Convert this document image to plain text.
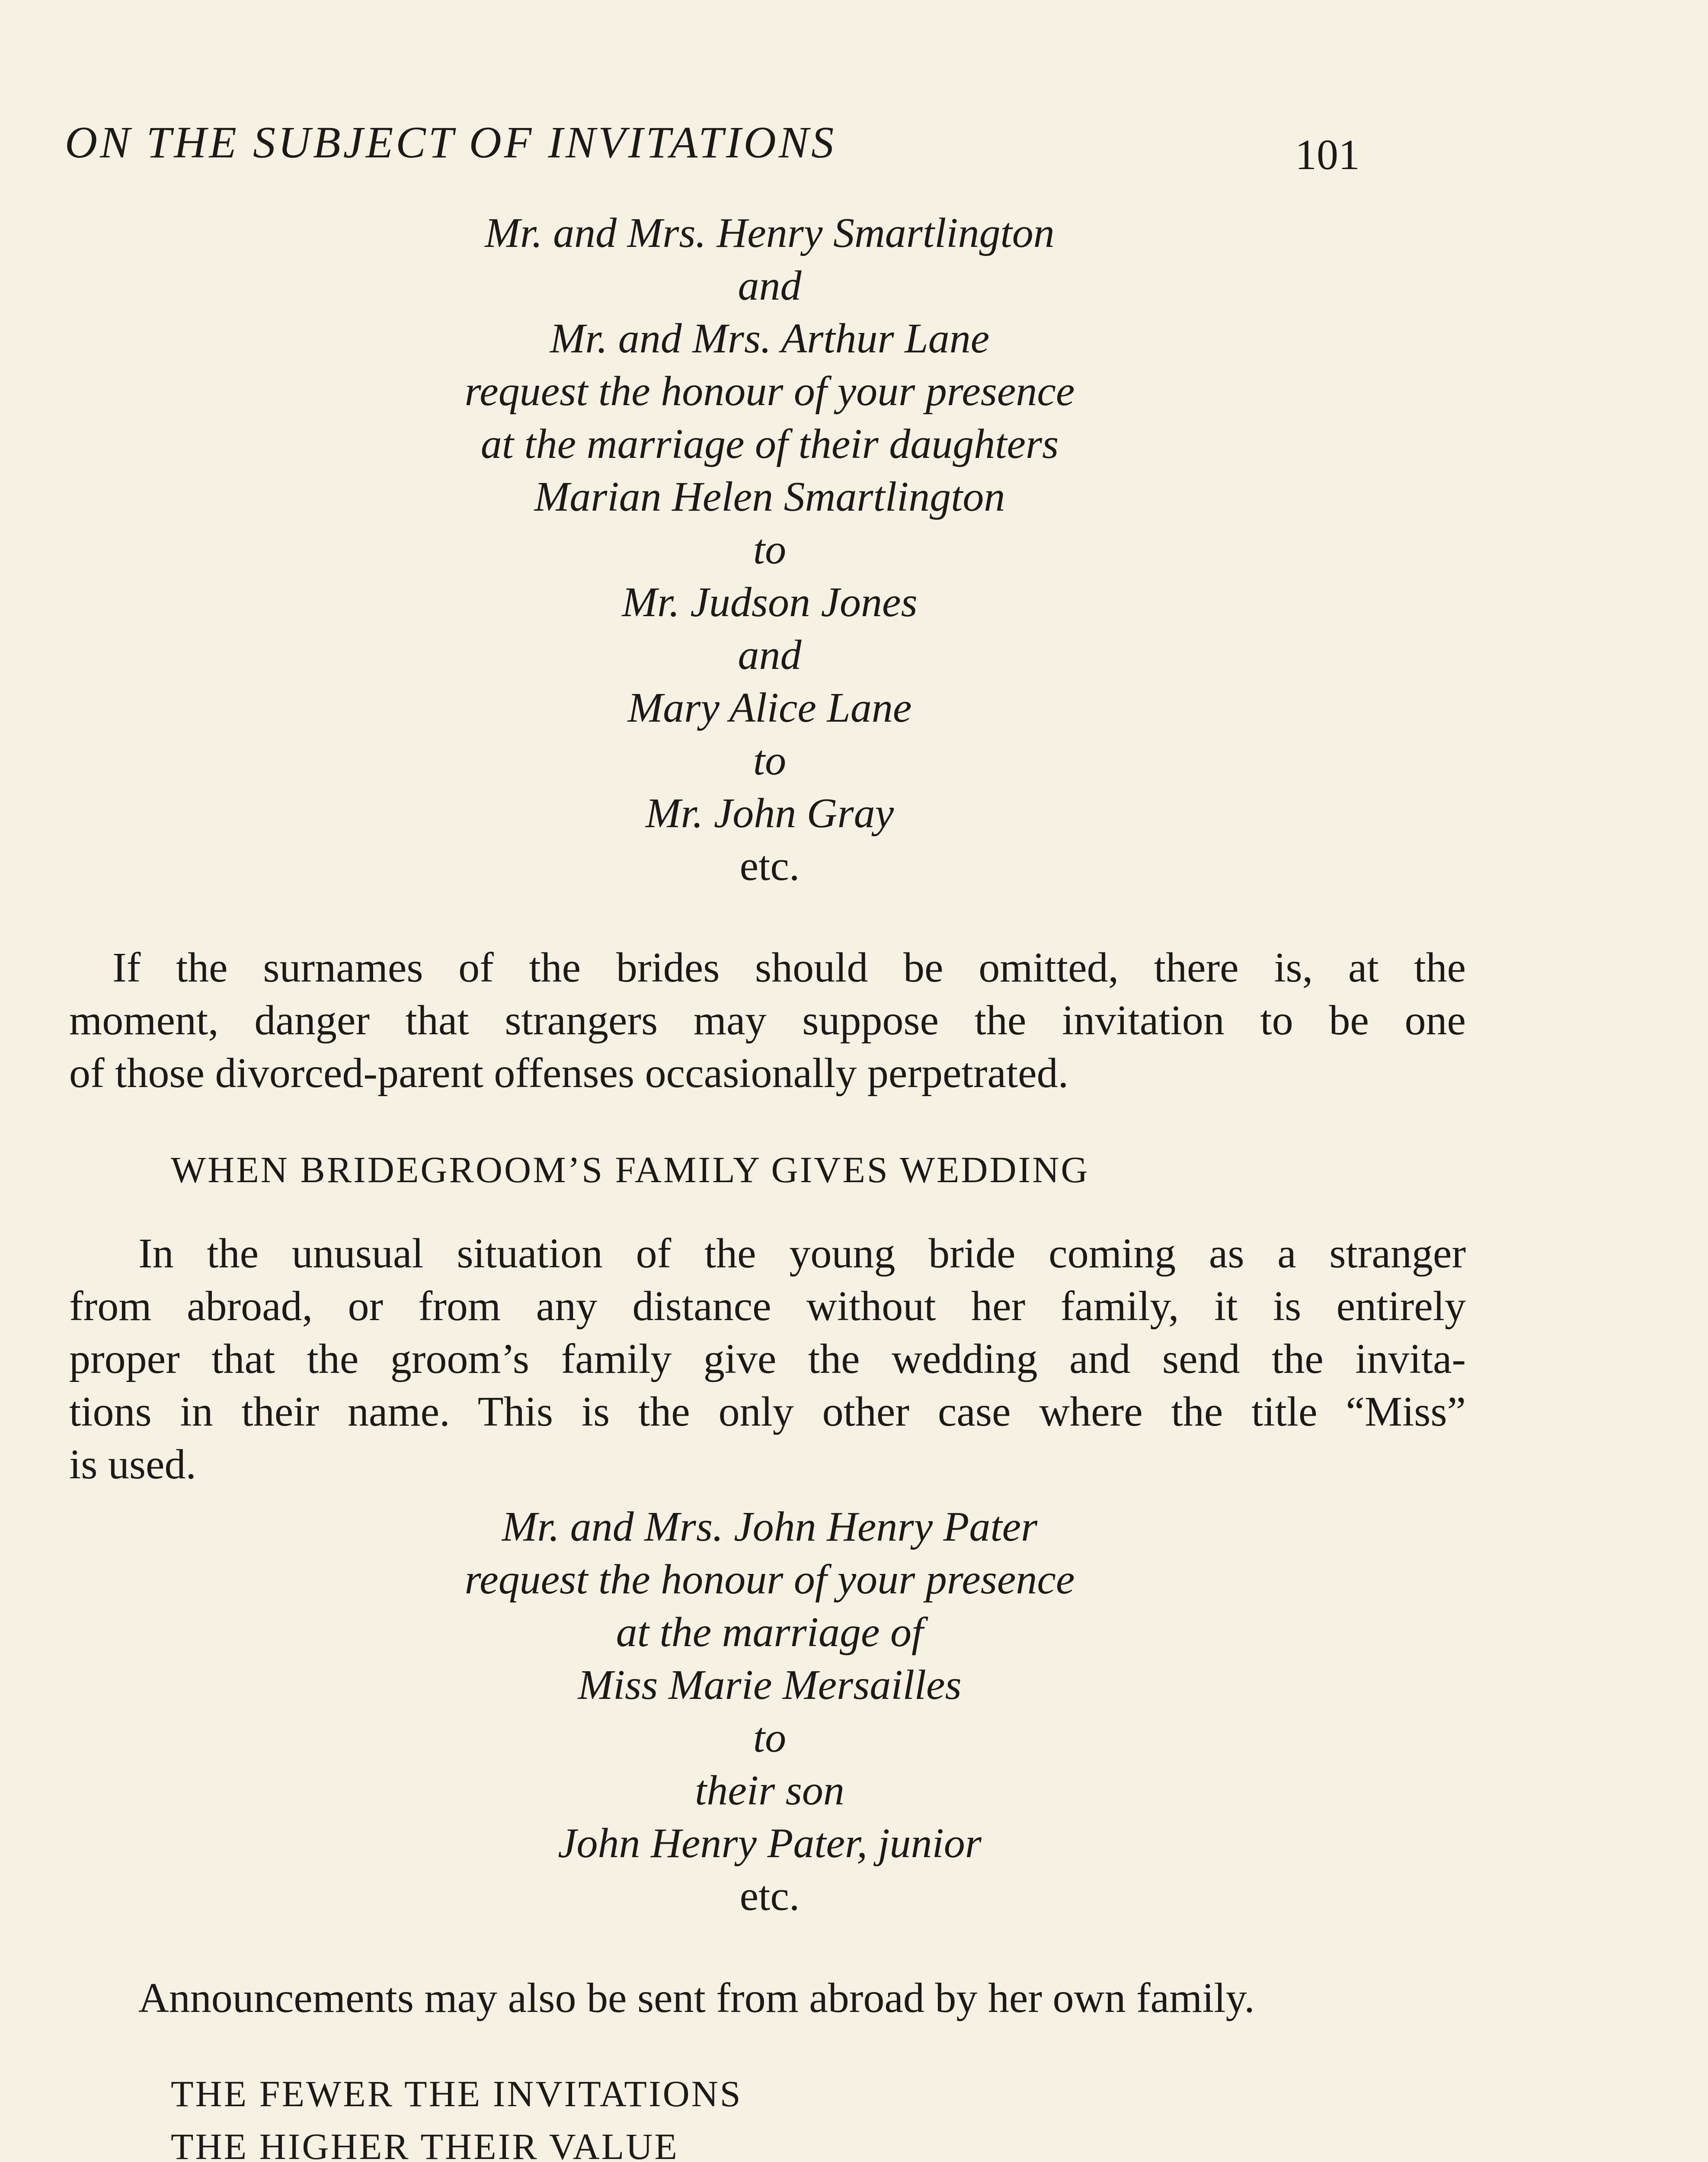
ON THE SUBJECT OF INVITATIONS	101
Mr. and Mrs. Henry Smartlington
and
Mr. and Mrs. Arthur Lane
request the honour of your presence
at the marriage of their daughters
Marian Helen Smartlington
to
Mr. Judson Jones
and
Mary Alice Lane
to
Mr. John Gray
etc.
If the surnames of the brides should be omitted, there is, at the
moment, danger that strangers may suppose the invitation to be one
of those divorced-parent offenses occasionally perpetrated.
WHEN BRIDEGROOM’S FAMILY GIVES WEDDING
In the unusual situation of the young bride coming as a stranger
from abroad, or from any distance without her family, it is entirely
proper that the groom’s family give the wedding and send the invita-
tions in their name. This is the only other case where the title “Miss”
is used.
Mr. and Mrs. John Henry Pater
request the honour of your presence
at the marriage of
Miss Marie Mersailles
to
their son
John Henry Pater, junior
etc.
Announcements may also be sent from abroad by her own family.
THE FEWER THE INVITATIONS
THE HIGHER THEIR VALUE
